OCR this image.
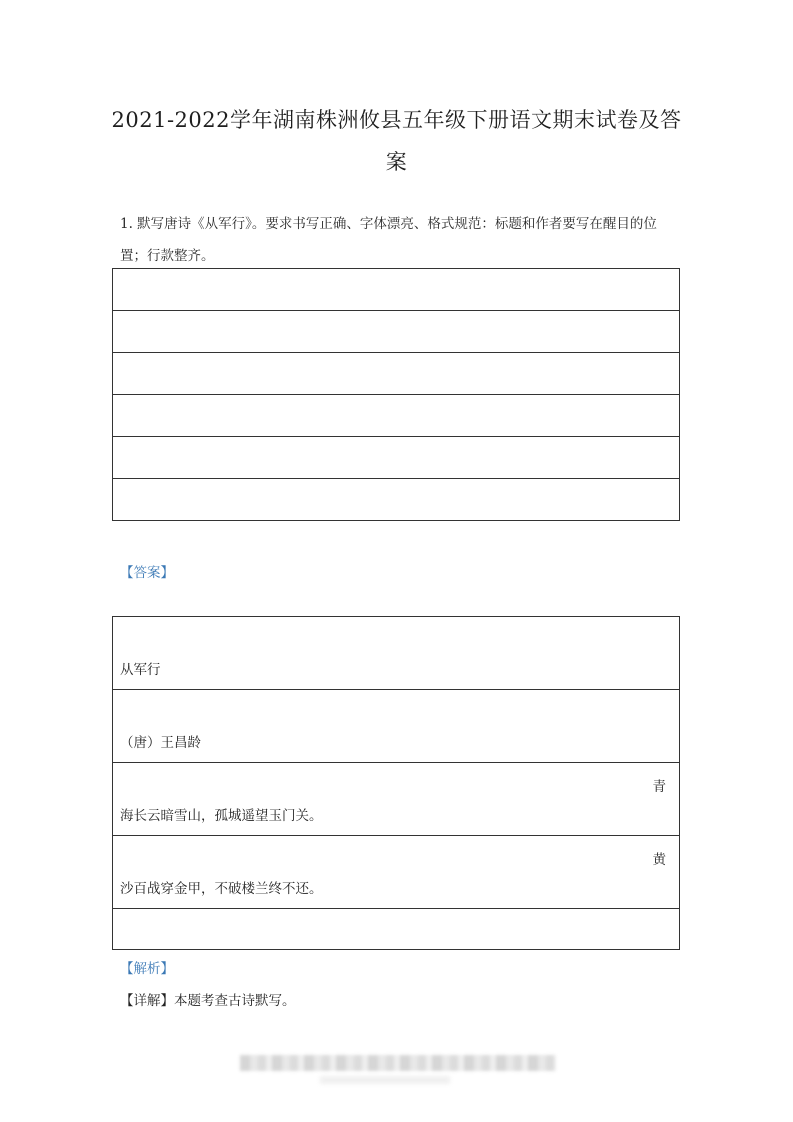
2021-2022学年湖南株洲攸县五年级下册语文期末试卷及答
案
1. 默写唐诗《从军行》。要求书写正确、字体漂亮、格式规范：标题和作者要写在醒目的位
置；行款整齐。
【答案】
从军行
（唐）王昌龄
青
海长云暗雪山，孤城遥望玉门关。
黄
沙百战穿金甲，不破楼兰终不还。
【解析】
【详解】本题考查古诗默写。
